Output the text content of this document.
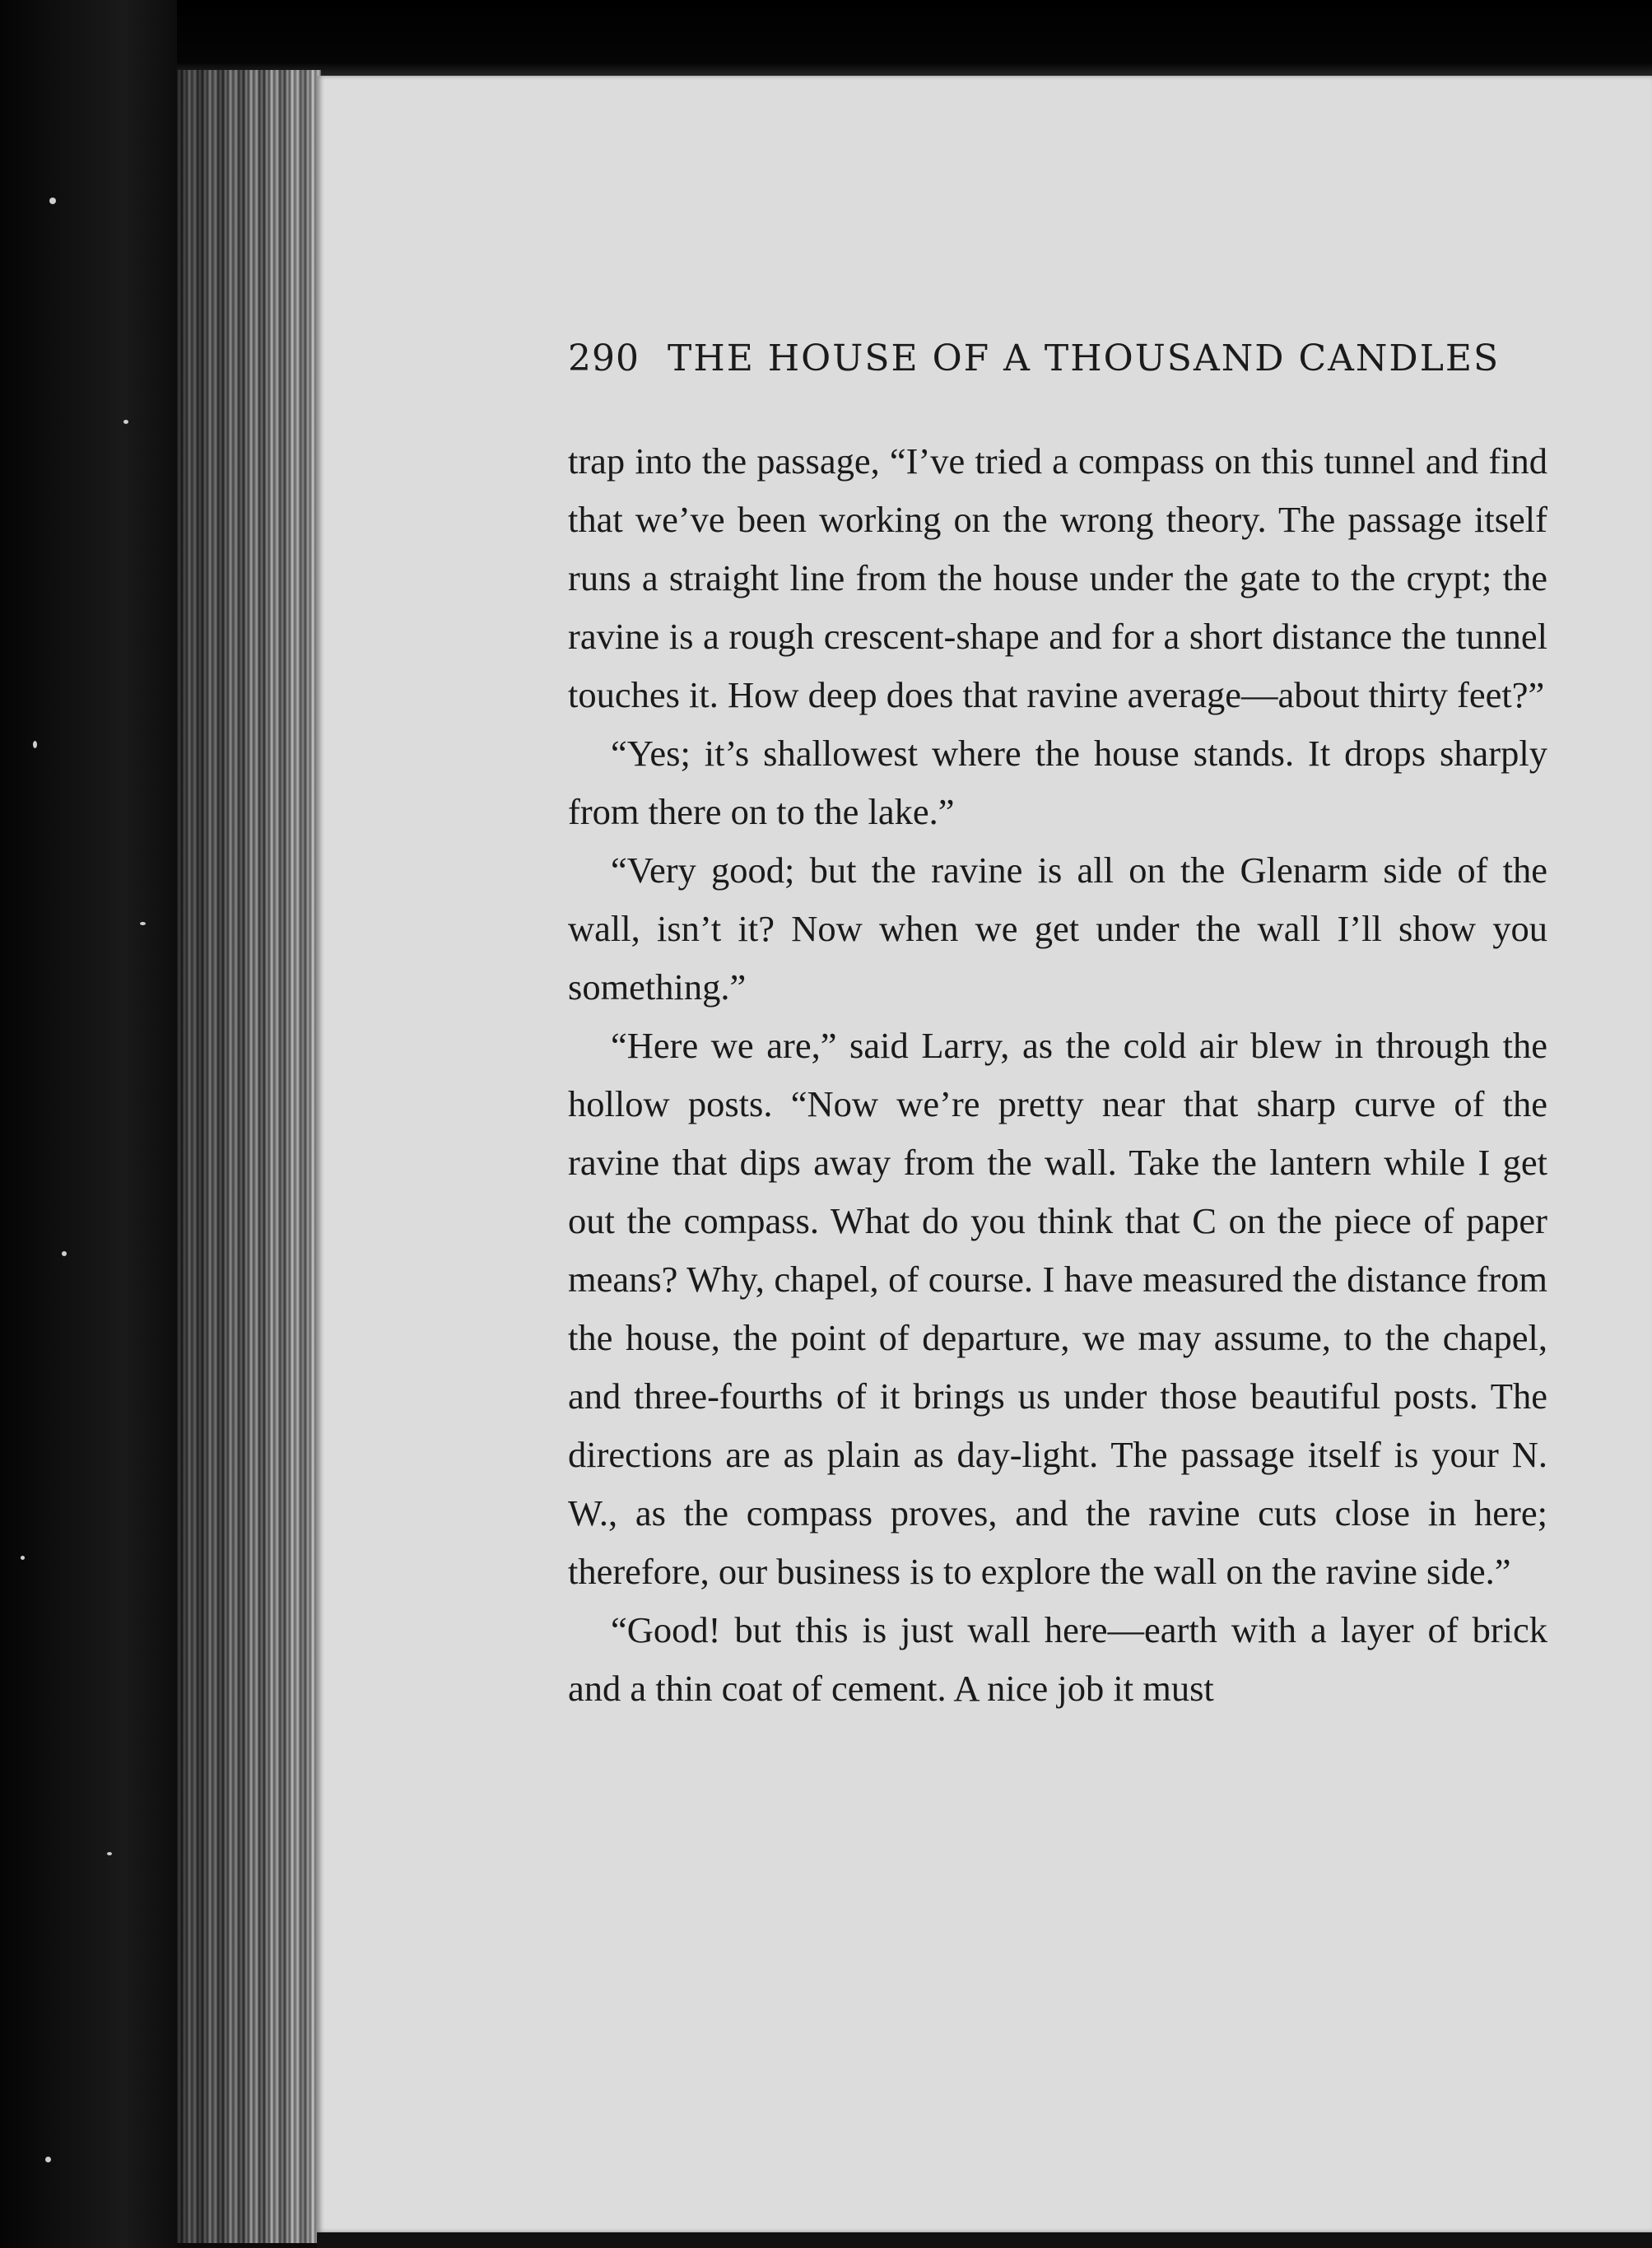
290 THE HOUSE OF A THOUSAND CANDLES

trap into the passage, “I’ve tried a compass on this tunnel and find that we’ve been working on the wrong theory. The passage itself runs a straight line from the house under the gate to the crypt; the ravine is a rough crescent-shape and for a short distance the tunnel touches it. How deep does that ravine average—about thirty feet?”

“Yes; it’s shallowest where the house stands. It drops sharply from there on to the lake.”

“Very good; but the ravine is all on the Glenarm side of the wall, isn’t it? Now when we get under the wall I’ll show you something.”

“Here we are,” said Larry, as the cold air blew in through the hollow posts. “Now we’re pretty near that sharp curve of the ravine that dips away from the wall. Take the lantern while I get out the compass. What do you think that C on the piece of paper means? Why, chapel, of course. I have measured the distance from the house, the point of departure, we may assume, to the chapel, and three-fourths of it brings us under those beautiful posts. The directions are as plain as day-light. The passage itself is your N. W., as the compass proves, and the ravine cuts close in here; therefore, our business is to explore the wall on the ravine side.”

“Good! but this is just wall here—earth with a layer of brick and a thin coat of cement. A nice job it must
